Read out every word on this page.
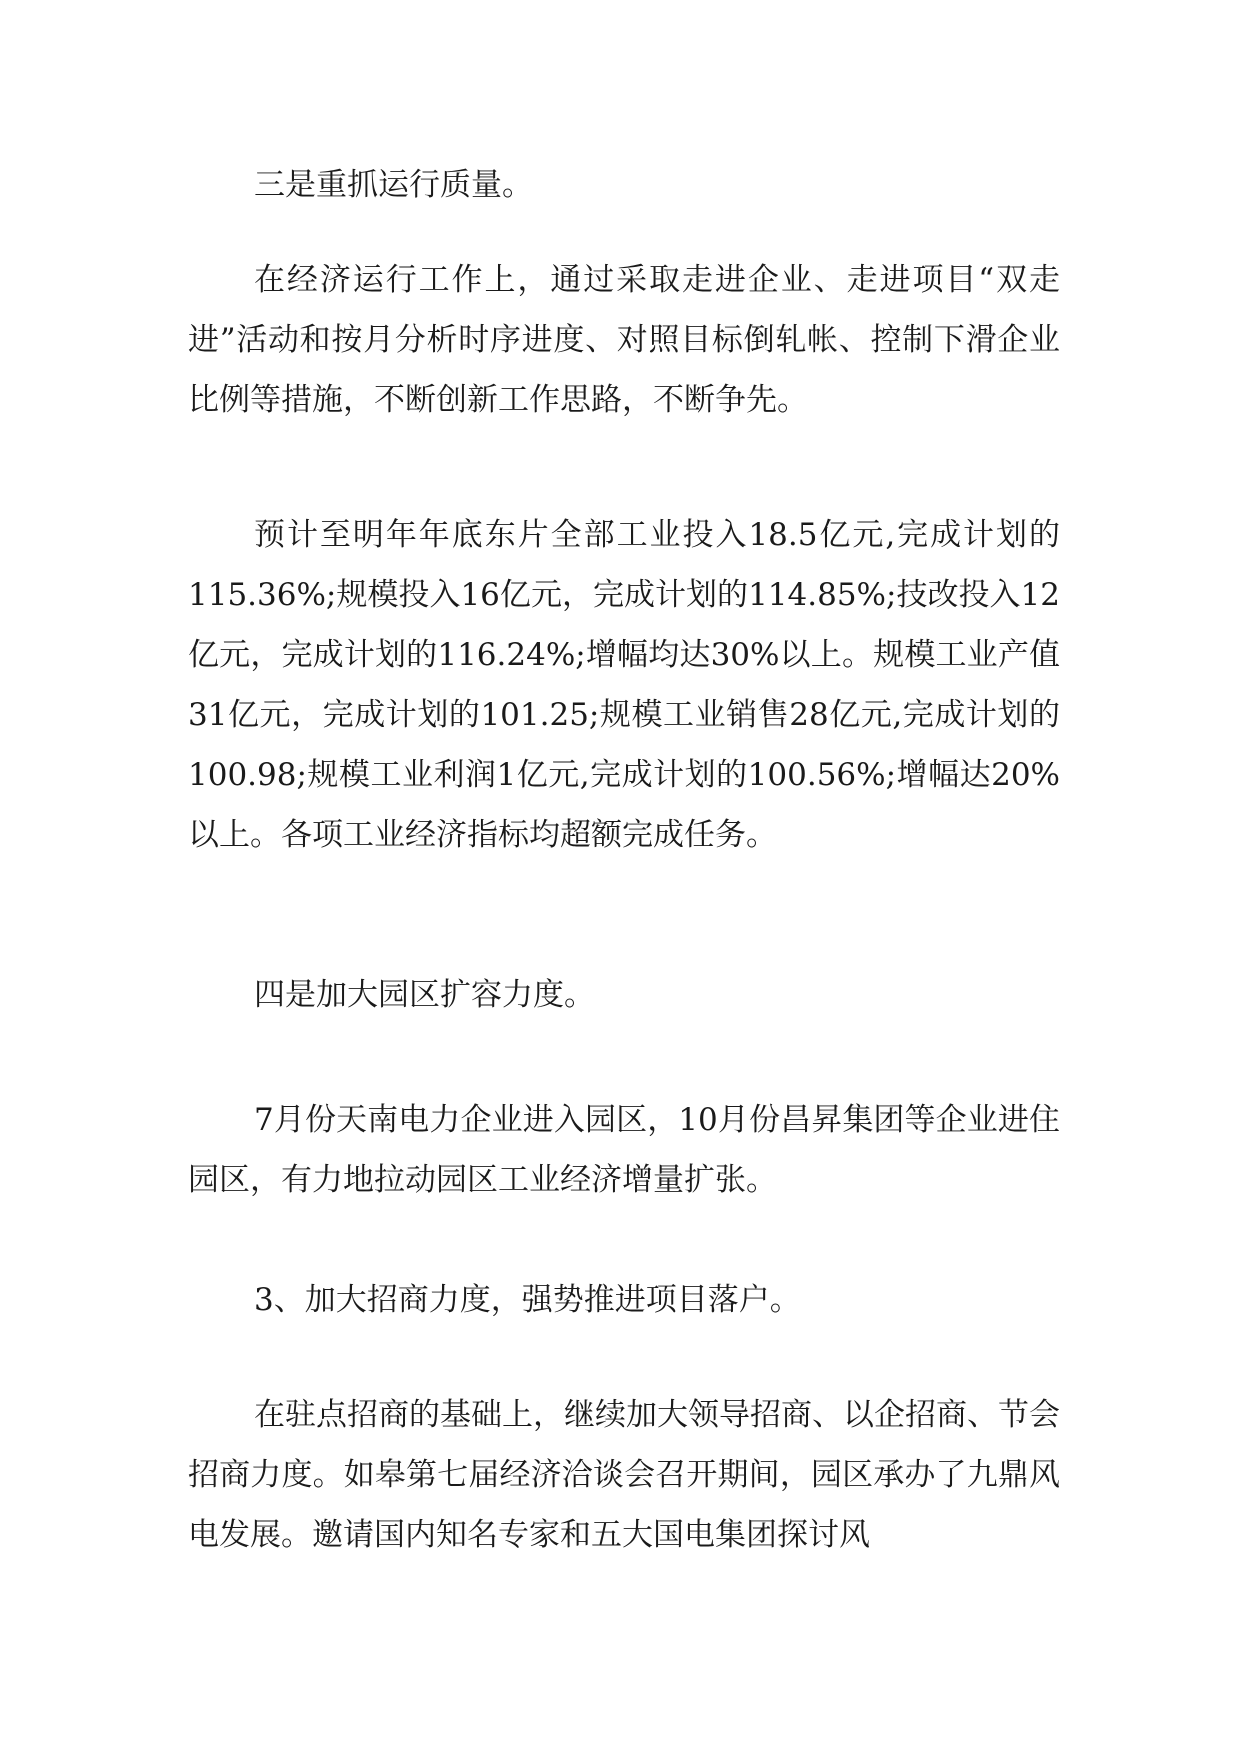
三是重抓运行质量。

在经济运行工作上，通过采取走进企业、走进项目“双走进”活动和按月分析时序进度、对照目标倒轧帐、控制下滑企业比例等措施，不断创新工作思路，不断争先。

预计至明年年底东片全部工业投入18.5亿元,完成计划的115.36%;规模投入16亿元，完成计划的114.85%;技改投入12亿元，完成计划的116.24%;增幅均达30%以上。规模工业产值31亿元，完成计划的101.25;规模工业销售28亿元,完成计划的100.98;规模工业利润1亿元,完成计划的100.56%;增幅达20%以上。各项工业经济指标均超额完成任务。

四是加大园区扩容力度。

7月份天南电力企业进入园区，10月份昌昇集团等企业进住园区，有力地拉动园区工业经济增量扩张。

3、加大招商力度，强势推进项目落户。

在驻点招商的基础上，继续加大领导招商、以企招商、节会招商力度。如皋第七届经济洽谈会召开期间，园区承办了九鼎风电发展。邀请国内知名专家和五大国电集团探讨风
